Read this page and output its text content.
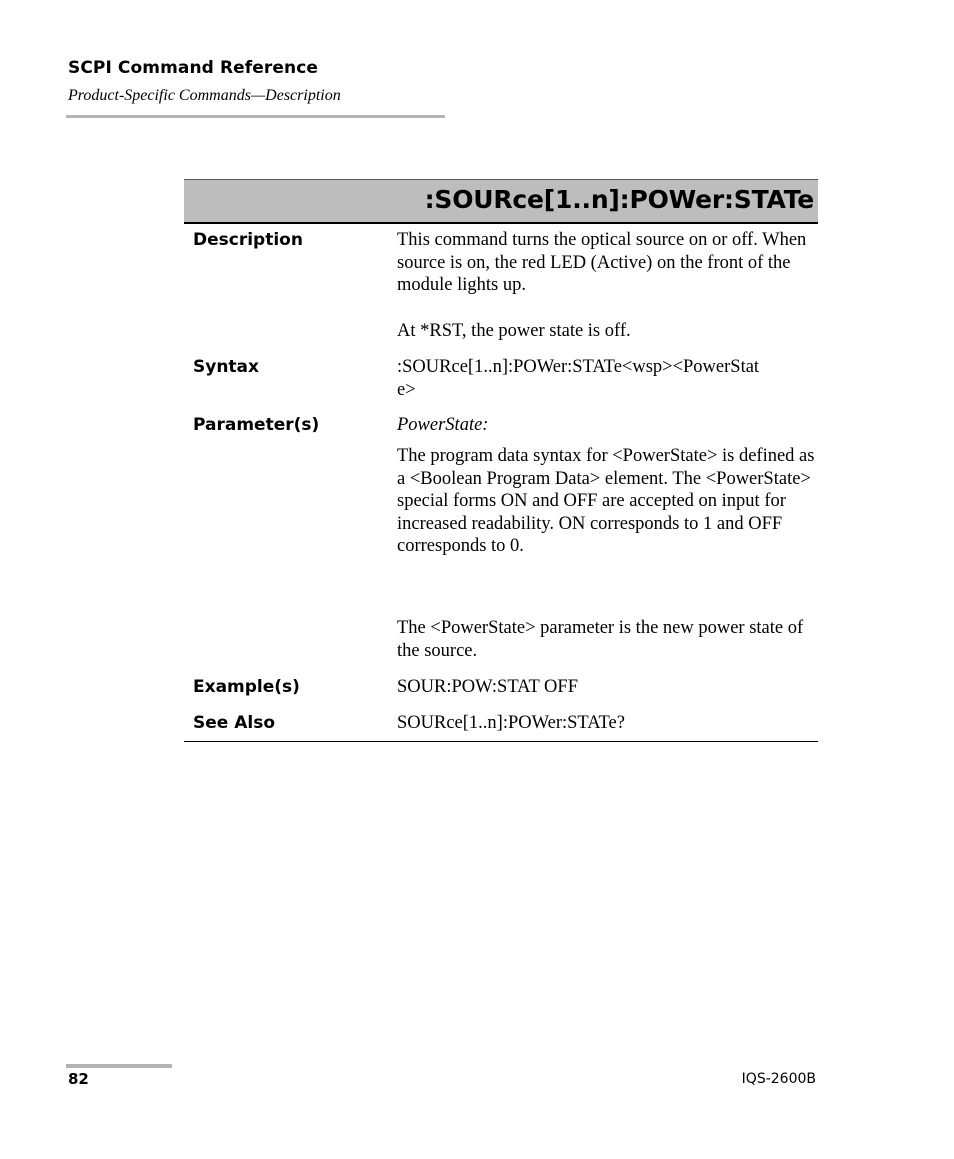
SCPI Command Reference
Product-Specific Commands—Description
:SOURce[1..n]:POWer:STATe
Description	This command turns the optical source on or off. When source is on, the red LED (Active) on the front of the module lights up.
At *RST, the power state is off.
Syntax	:SOURce[1..n]:POWer:STATe<wsp><PowerStat
e>
Parameter(s)	PowerState:
The program data syntax for <PowerState> is defined as a <Boolean Program Data> element. The <PowerState> special forms ON and OFF are accepted on input for increased readability. ON corresponds to 1 and OFF corresponds to 0.
The <PowerState> parameter is the new power state of the source.
Example(s)	SOUR:POW:STAT OFF
See Also	SOURce[1..n]:POWer:STATe?
82	IQS-2600B
